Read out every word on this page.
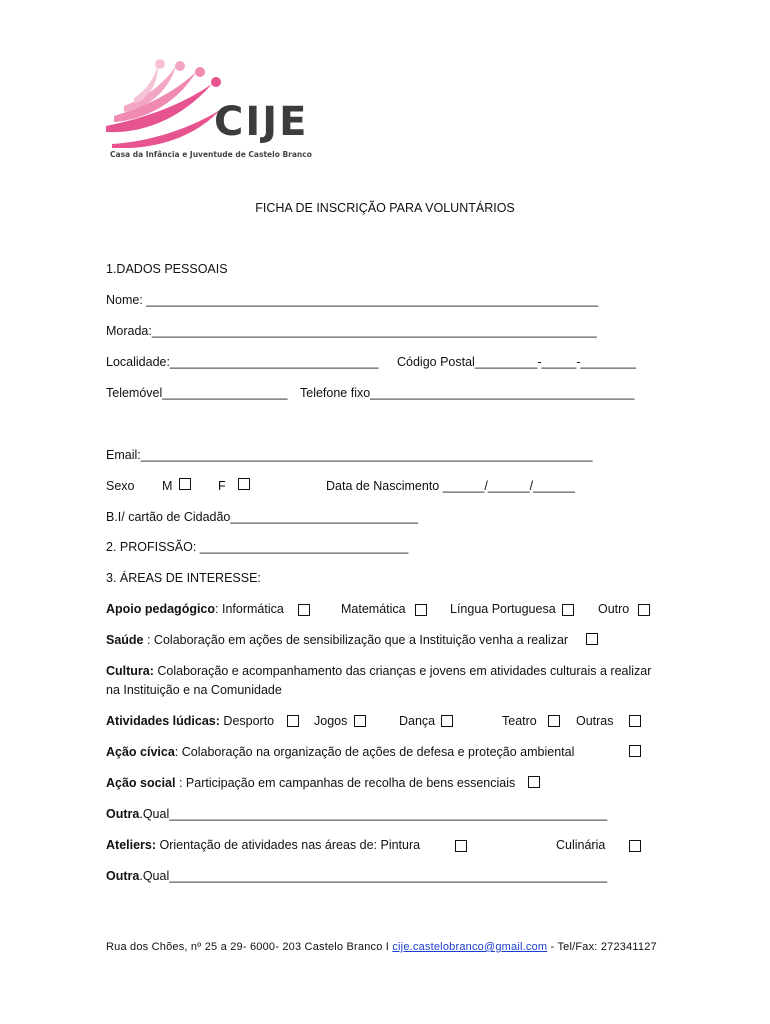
CIJE
Casa da Infância e Juventude de Castelo Branco
FICHA DE INSCRIÇÃO PARA VOLUNTÁRIOS
1.DADOS PESSOAIS
Nome: _________________________________________________________________
Morada:________________________________________________________________
Localidade:______________________________ Código Postal_________-_____-________
Telemóvel__________________ Telefone fixo______________________________________
Email:_________________________________________________________________
Sexo M	F	Data de Nascimento ______/______/______
B.I/ cartão de Cidadão___________________________
2. PROFISSÃO: ______________________________
3. ÁREAS DE INTERESSE:
Apoio pedagógico: Informática	Matemática	Língua Portuguesa	Outro
Saúde : Colaboração em ações de sensibilização que a Instituição venha a realizar
Cultura: Colaboração e acompanhamento das crianças e jovens em atividades culturais a realizar
na Instituição e na Comunidade
Atividades lúdicas: Desporto	Jogos	Dança	Teatro	Outras
Ação cívica: Colaboração na organização de ações de defesa e proteção ambiental
Ação social : Participação em campanhas de recolha de bens essenciais
Outra.Qual_______________________________________________________________
Ateliers: Orientação de atividades nas áreas de: Pintura	Culinária
Outra.Qual_______________________________________________________________
Rua dos Chões, nº 25 a 29- 6000- 203 Castelo Branco I cije.castelobranco@gmail.com - Tel/Fax: 272341127
